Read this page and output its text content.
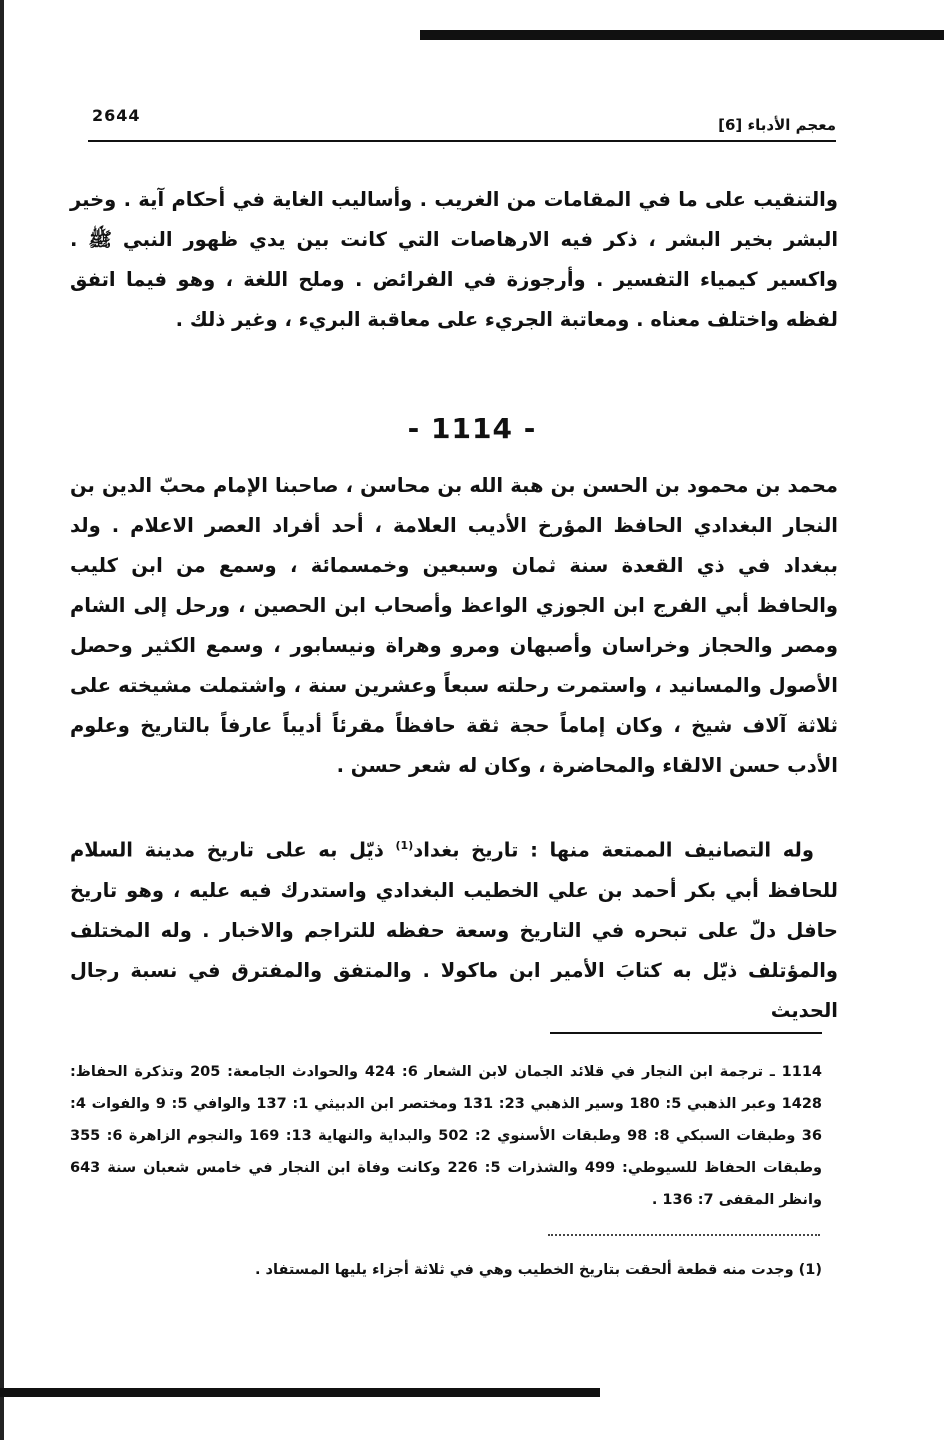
2644	معجم الأدباء [6]

والتنقيب على ما في المقامات من الغريب . وأساليب الغاية في أحكام آية . وخير البشر بخير البشر ، ذكر فيه الارهاصات التي كانت بين يدي ظهور النبي ﷺ . واكسير كيمياء التفسير . وأرجوزة في الفرائض . وملح اللغة ، وهو فيما اتفق لفظه واختلف معناه . ومعاتبة الجريء على معاقبة البريء ، وغير ذلك .

- 1114 -

محمد بن محمود بن الحسن بن هبة الله بن محاسن ، صاحبنا الإمام محبّ الدين بن النجار البغدادي الحافظ المؤرخ الأديب العلامة ، أحد أفراد العصر الاعلام . ولد ببغداد في ذي القعدة سنة ثمان وسبعين وخمسمائة ، وسمع من ابن كليب والحافظ أبي الفرج ابن الجوزي الواعظ وأصحاب ابن الحصين ، ورحل إلى الشام ومصر والحجاز وخراسان وأصبهان ومرو وهراة ونيسابور ، وسمع الكثير وحصل الأصول والمسانيد ، واستمرت رحلته سبعاً وعشرين سنة ، واشتملت مشيخته على ثلاثة آلاف شيخ ، وكان إماماً حجة ثقة حافظاً مقرئاً أديباً عارفاً بالتاريخ وعلوم الأدب حسن الالقاء والمحاضرة ، وكان له شعر حسن .

وله التصانيف الممتعة منها : تاريخ بغداد$^{(1)}$ ذيّل به على تاريخ مدينة السلام للحافظ أبي بكر أحمد بن علي الخطيب البغدادي واستدرك فيه عليه ، وهو تاريخ حافل دلّ على تبحره في التاريخ وسعة حفظه للتراجم والاخبار . وله المختلف والمؤتلف ذيّل به كتابَ الأمير ابن ماكولا . والمتفق والمفترق في نسبة رجال الحديث

1114 ـ ترجمة ابن النجار في قلائد الجمان لابن الشعار 6: 424 والحوادث الجامعة: 205 وتذكرة الحفاظ: 1428 وعبر الذهبي 5: 180 وسير الذهبي 23: 131 ومختصر ابن الدبيثي 1: 137 والوافي 5: 9 والفوات 4: 36 وطبقات السبكي 8: 98 وطبقات الأسنوي 2: 502 والبداية والنهاية 13: 169 والنجوم الزاهرة 6: 355 وطبقات الحفاظ للسيوطي: 499 والشذرات 5: 226 وكانت وفاة ابن النجار في خامس شعبان سنة 643 وانظر المقفى 7: 136 .

(1) وجدت منه قطعة ألحقت بتاريخ الخطيب وهي في ثلاثة أجزاء يليها المستفاد .
